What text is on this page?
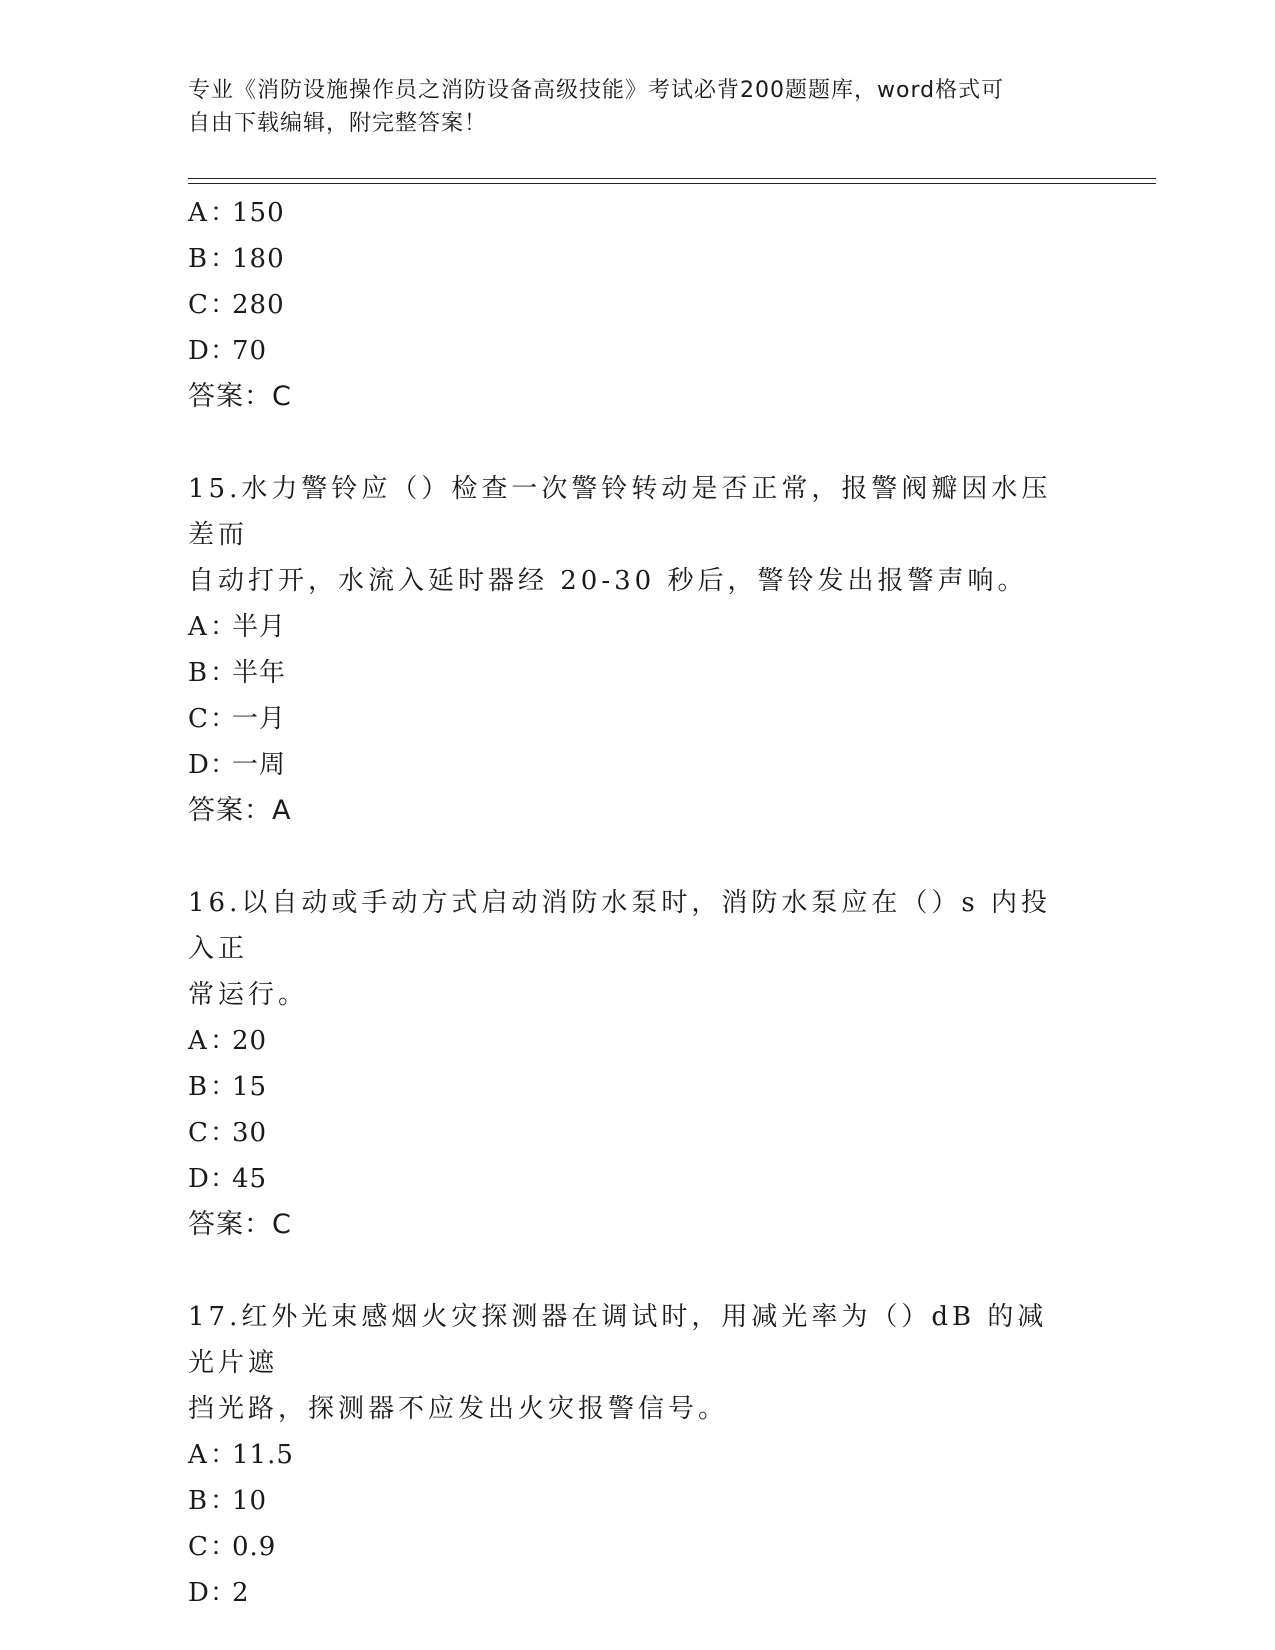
专业《消防设施操作员之消防设备高级技能》考试必背200题题库，word格式可
自由下载编辑，附完整答案！
A：150
B：180
C：280
D：70
答案：C
15.水力警铃应（）检查一次警铃转动是否正常，报警阀瓣因水压差而
自动打开，水流入延时器经 20-30 秒后，警铃发出报警声响。
A：半月
B：半年
C：一月
D：一周
答案：A
16.以自动或手动方式启动消防水泵时，消防水泵应在（）s 内投入正
常运行。
A：20
B：15
C：30
D：45
答案：C
17.红外光束感烟火灾探测器在调试时，用减光率为（）dB 的减光片遮
挡光路，探测器不应发出火灾报警信号。
A：11.5
B：10
C：0.9
D：2
